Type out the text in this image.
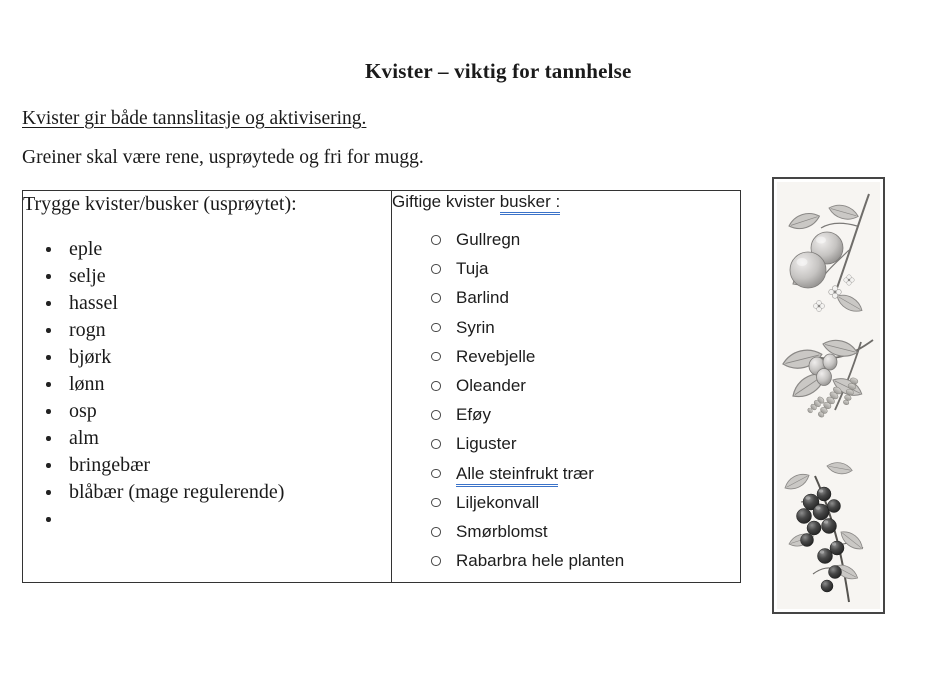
Kvister – viktig for tannhelse

Kvister gir både tannslitasje og aktivisering.

Greiner skal være rene, usprøytede og fri for mugg.

Trygge kvister/busker (usprøytet):
eple
selje
hassel
rogn
bjørk
lønn
osp
alm
bringebær
blåbær (mage regulerende)

Giftige kvister busker :
Gullregn
Tuja
Barlind
Syrin
Revebjelle
Oleander
Eføy
Liguster
Alle steinfrukt trær
Liljekonvall
Smørblomst
Rabarbra hele planten
